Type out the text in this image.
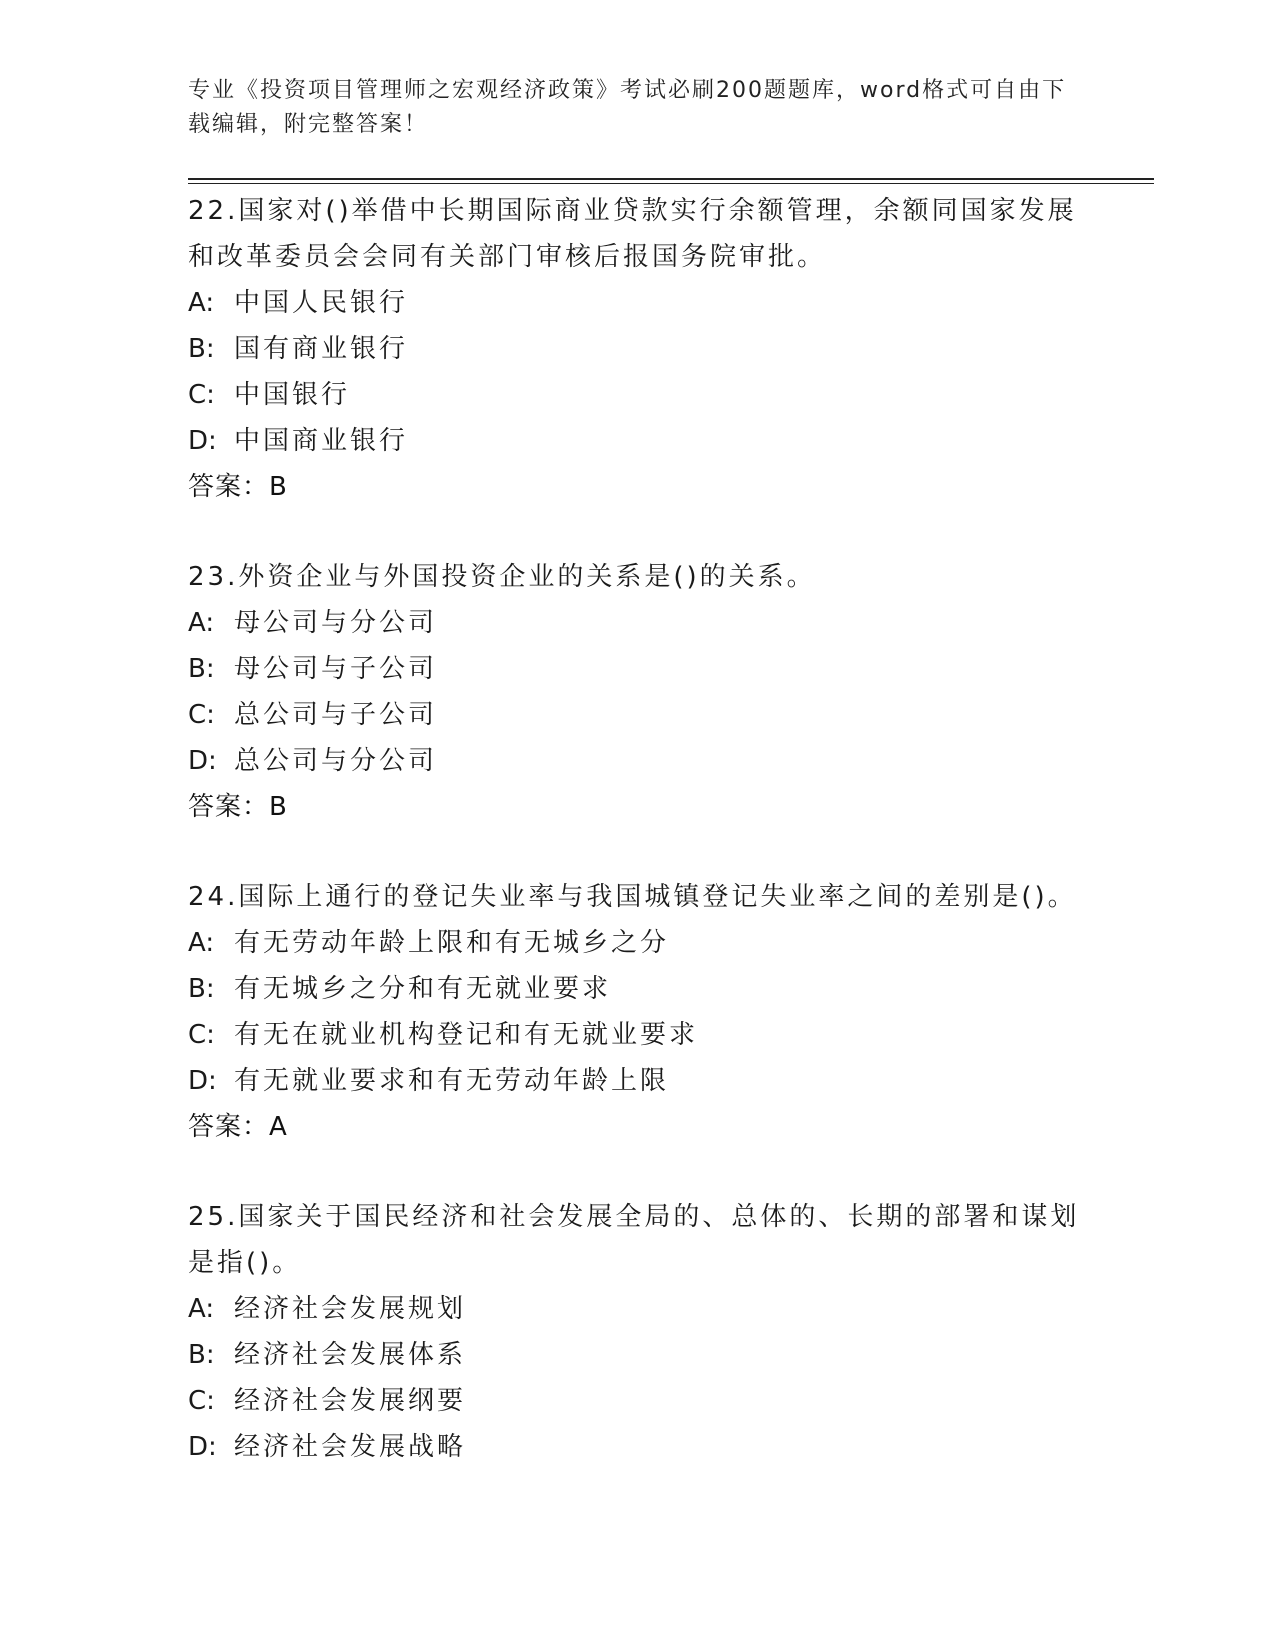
专业《投资项目管理师之宏观经济政策》考试必刷200题题库，word格式可自由下载编辑，附完整答案！

22.国家对()举借中长期国际商业贷款实行余额管理，余额同国家发展和改革委员会会同有关部门审核后报国务院审批。

A: 中国人民银行

B: 国有商业银行

C: 中国银行

D: 中国商业银行

答案：B

23.外资企业与外国投资企业的关系是()的关系。

A: 母公司与分公司

B: 母公司与子公司

C: 总公司与子公司

D: 总公司与分公司

答案：B

24.国际上通行的登记失业率与我国城镇登记失业率之间的差别是()。

A: 有无劳动年龄上限和有无城乡之分

B: 有无城乡之分和有无就业要求

C: 有无在就业机构登记和有无就业要求

D: 有无就业要求和有无劳动年龄上限

答案：A

25.国家关于国民经济和社会发展全局的、总体的、长期的部署和谋划是指()。

A: 经济社会发展规划

B: 经济社会发展体系

C: 经济社会发展纲要

D: 经济社会发展战略
